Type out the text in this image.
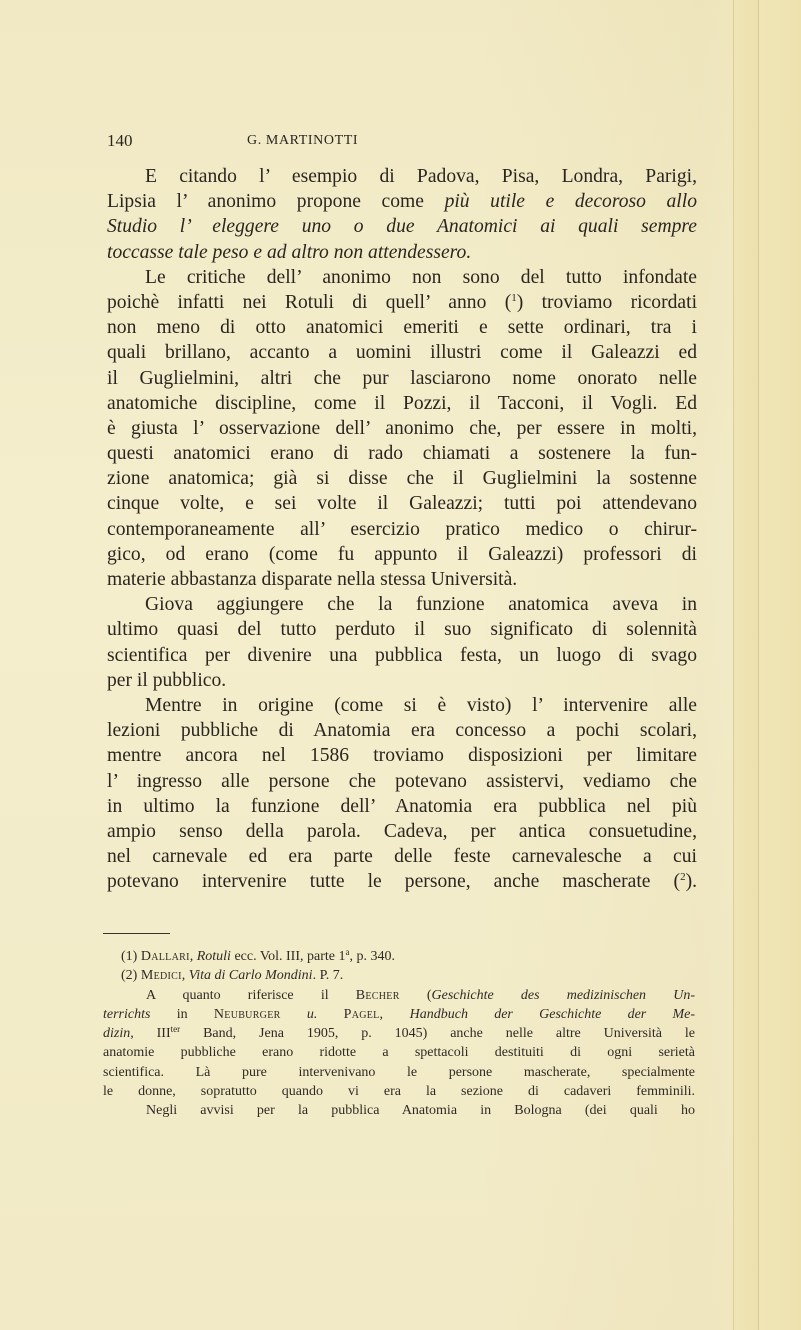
140	G. MARTINOTTI
E citando l’ esempio di Padova, Pisa, Londra, Parigi,
Lipsia l’ anonimo propone come più utile e decoroso allo
Studio l’ eleggere uno o due Anatomici ai quali sempre
toccasse tale peso e ad altro non attendessero.
Le critiche dell’ anonimo non sono del tutto infondate
poichè infatti nei Rotuli di quell’ anno ($^1$) troviamo ricordati
non meno di otto anatomici emeriti e sette ordinari, tra i
quali brillano, accanto a uomini illustri come il Galeazzi ed
il Guglielmini, altri che pur lasciarono nome onorato nelle
anatomiche discipline, come il Pozzi, il Tacconi, il Vogli. Ed
è giusta l’ osservazione dell’ anonimo che, per essere in molti,
questi anatomici erano di rado chiamati a sostenere la fun-
zione anatomica; già si disse che il Guglielmini la sostenne
cinque volte, e sei volte il Galeazzi; tutti poi attendevano
contemporaneamente all’ esercizio pratico medico o chirur-
gico, od erano (come fu appunto il Galeazzi) professori di
materie abbastanza disparate nella stessa Università.
Giova aggiungere che la funzione anatomica aveva in
ultimo quasi del tutto perduto il suo significato di solennità
scientifica per divenire una pubblica festa, un luogo di svago
per il pubblico.
Mentre in origine (come si è visto) l’ intervenire alle
lezioni pubbliche di Anatomia era concesso a pochi scolari,
mentre ancora nel 1586 troviamo disposizioni per limitare
l’ ingresso alle persone che potevano assistervi, vediamo che
in ultimo la funzione dell’ Anatomia era pubblica nel più
ampio senso della parola. Cadeva, per antica consuetudine,
nel carnevale ed era parte delle feste carnevalesche a cui
potevano intervenire tutte le persone, anche mascherate ($^2$).
(1) Dallari, Rotuli ecc. Vol. III, parte 1$^a$, p. 340.
(2) Medici, Vita di Carlo Mondini. P. 7.
A quanto riferisce il Becher (Geschichte des medizinischen Un-
terrichts in Neuburger u. Pagel, Handbuch der Geschichte der Me-
dizin, $III^{ter}$ Band, Jena 1905, p. 1045) anche nelle altre Università le
anatomie pubbliche erano ridotte a spettacoli destituiti di ogni serietà
scientifica. Là pure intervenivano le persone mascherate, specialmente
le donne, sopratutto quando vi era la sezione di cadaveri femminili.
Negli avvisi per la pubblica Anatomia in Bologna (dei quali ho
